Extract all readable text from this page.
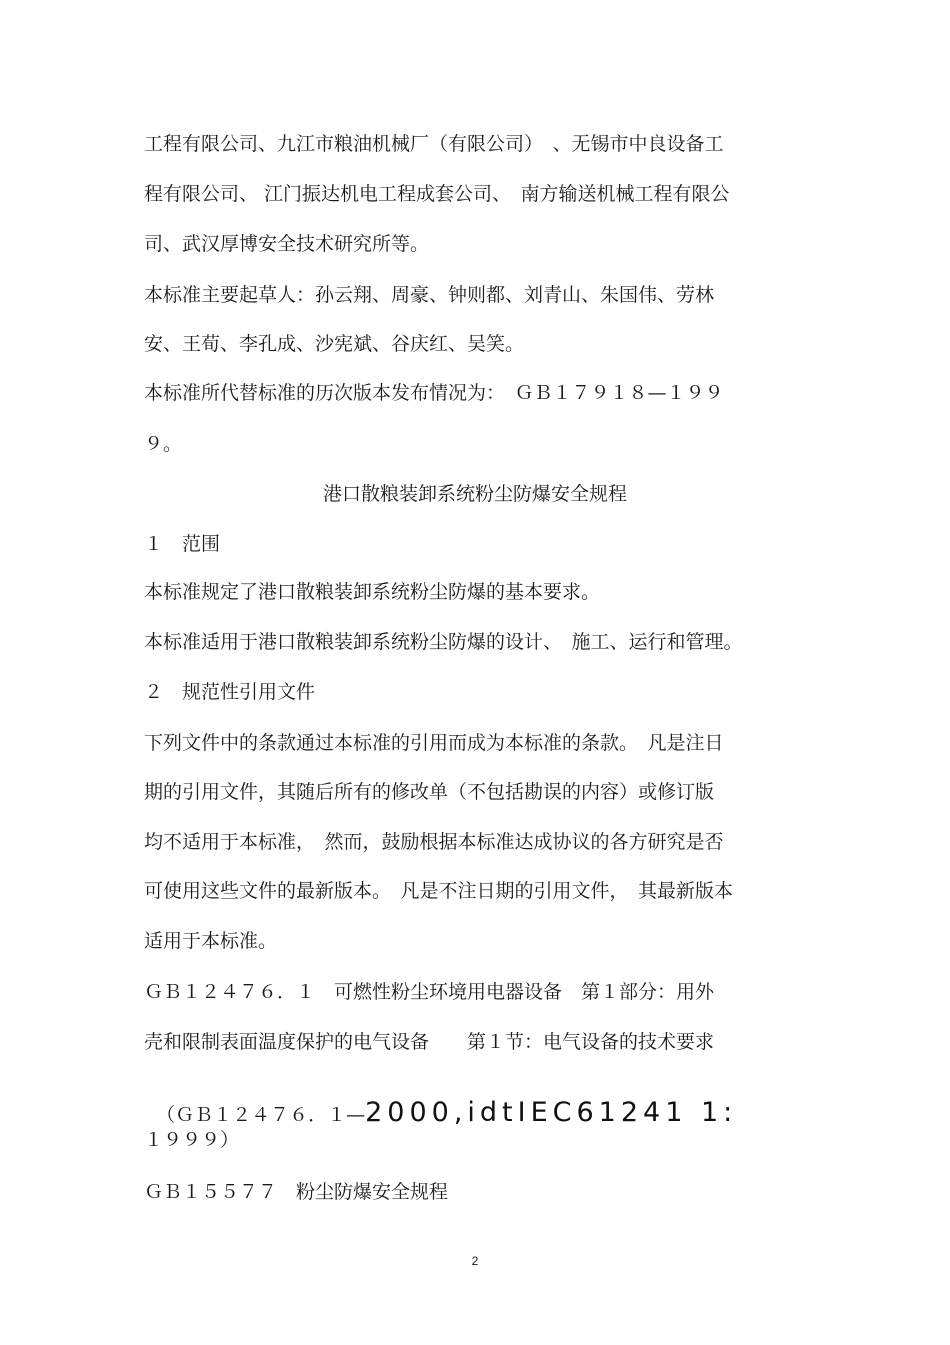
工程有限公司、九江市粮油机械厂（有限公司）　、无锡市中良设备工

程有限公司、 江门振达机电工程成套公司、　南方输送机械工程有限公

司、武汉厚博安全技术研究所等。

本标准主要起草人：孙云翔、周豪、钟则都、刘青山、朱国伟、劳林

安、王荀、李孔成、沙宪斌、谷庆红、吴笑。

本标准所代替标准的历次版本发布情况为：　ＧＢ１７９１８—１９９

９。

港口散粮装卸系统粉尘防爆安全规程

１　范围

本标准规定了港口散粮装卸系统粉尘防爆的基本要求。

本标准适用于港口散粮装卸系统粉尘防爆的设计、　施工、运行和管理。

２　规范性引用文件

下列文件中的条款通过本标准的引用而成为本标准的条款。　凡是注日

期的引用文件，其随后所有的修改单（不包括勘误的内容）或修订版

均不适用于本标准，　然而，鼓励根据本标准达成协议的各方研究是否

可使用这些文件的最新版本。　凡是不注日期的引用文件，　其最新版本

适用于本标准。

ＧＢ１２４７６．１　可燃性粉尘环境用电器设备　第１部分：用外

壳和限制表面温度保护的电气设备　　第１节：电气设备的技术要求

（ＧＢ１２４７６．１—2000,idtIEC61241 1:

１９９９）

ＧＢ１５５７７　粉尘防爆安全规程

2
